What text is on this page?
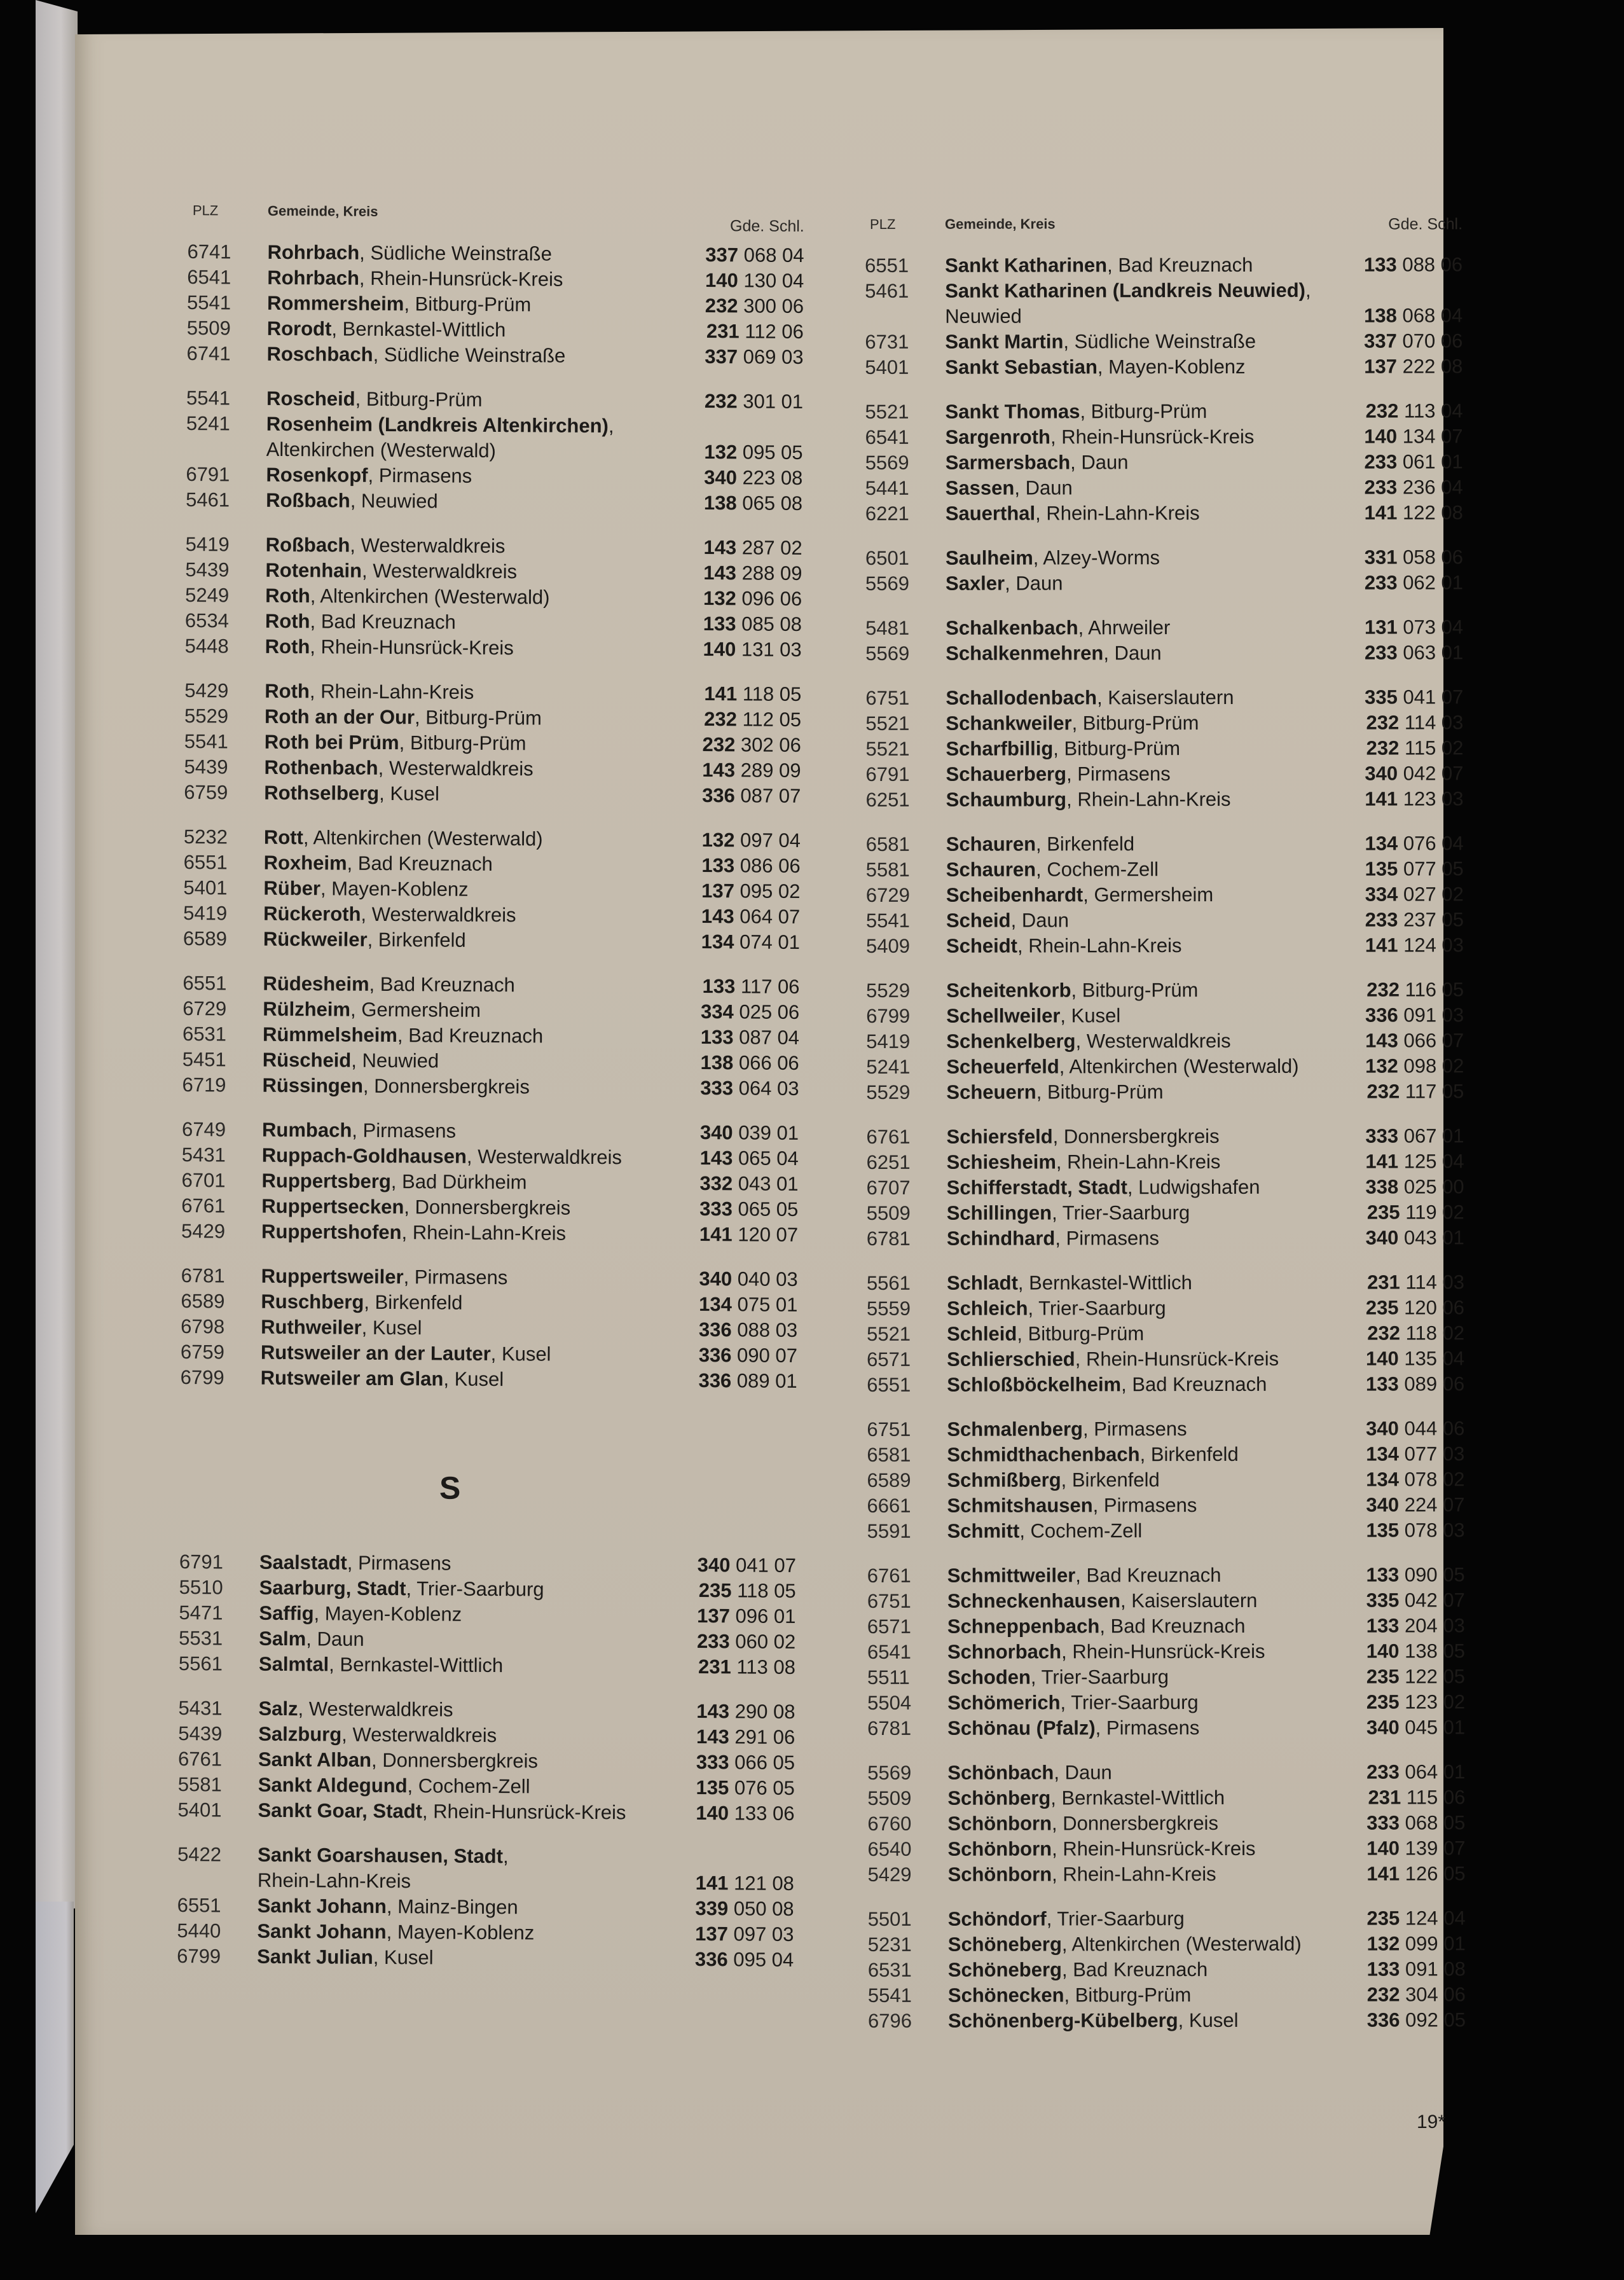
PLZ	Gemeinde, Kreis
Gde. Schl.
6741	Rohrbach, Südliche Weinstraße	337 068 04
6541	Rohrbach, Rhein-Hunsrück-Kreis	140 130 04
5541	Rommersheim, Bitburg-Prüm	232 300 06
5509	Rorodt, Bernkastel-Wittlich	231 112 06
6741	Roschbach, Südliche Weinstraße	337 069 03
5541	Roscheid, Bitburg-Prüm	232 301 01
5241	Rosenheim (Landkreis Altenkirchen),
Altenkirchen (Westerwald)	132 095 05
6791	Rosenkopf, Pirmasens	340 223 08
5461	Roßbach, Neuwied	138 065 08
5419	Roßbach, Westerwaldkreis	143 287 02
5439	Rotenhain, Westerwaldkreis	143 288 09
5249	Roth, Altenkirchen (Westerwald)	132 096 06
6534	Roth, Bad Kreuznach	133 085 08
5448	Roth, Rhein-Hunsrück-Kreis	140 131 03
5429	Roth, Rhein-Lahn-Kreis	141 118 05
5529	Roth an der Our, Bitburg-Prüm	232 112 05
5541	Roth bei Prüm, Bitburg-Prüm	232 302 06
5439	Rothenbach, Westerwaldkreis	143 289 09
6759	Rothselberg, Kusel	336 087 07
5232	Rott, Altenkirchen (Westerwald)	132 097 04
6551	Roxheim, Bad Kreuznach	133 086 06
5401	Rüber, Mayen-Koblenz	137 095 02
5419	Rückeroth, Westerwaldkreis	143 064 07
6589	Rückweiler, Birkenfeld	134 074 01
6551	Rüdesheim, Bad Kreuznach	133 117 06
6729	Rülzheim, Germersheim	334 025 06
6531	Rümmelsheim, Bad Kreuznach	133 087 04
5451	Rüscheid, Neuwied	138 066 06
6719	Rüssingen, Donnersbergkreis	333 064 03
6749	Rumbach, Pirmasens	340 039 01
5431	Ruppach-Goldhausen, Westerwaldkreis	143 065 04
6701	Ruppertsberg, Bad Dürkheim	332 043 01
6761	Ruppertsecken, Donnersbergkreis	333 065 05
5429	Ruppertshofen, Rhein-Lahn-Kreis	141 120 07
6781	Ruppertsweiler, Pirmasens	340 040 03
6589	Ruschberg, Birkenfeld	134 075 01
6798	Ruthweiler, Kusel	336 088 03
6759	Rutsweiler an der Lauter, Kusel	336 090 07
6799	Rutsweiler am Glan, Kusel	336 089 01
S
6791	Saalstadt, Pirmasens	340 041 07
5510	Saarburg, Stadt, Trier-Saarburg	235 118 05
5471	Saffig, Mayen-Koblenz	137 096 01
5531	Salm, Daun	233 060 02
5561	Salmtal, Bernkastel-Wittlich	231 113 08
5431	Salz, Westerwaldkreis	143 290 08
5439	Salzburg, Westerwaldkreis	143 291 06
6761	Sankt Alban, Donnersbergkreis	333 066 05
5581	Sankt Aldegund, Cochem-Zell	135 076 05
5401	Sankt Goar, Stadt, Rhein-Hunsrück-Kreis	140 133 06
5422	Sankt Goarshausen, Stadt,
Rhein-Lahn-Kreis	141 121 08
6551	Sankt Johann, Mainz-Bingen	339 050 08
5440	Sankt Johann, Mayen-Koblenz	137 097 03
6799	Sankt Julian, Kusel	336 095 04
PLZ	Gemeinde, Kreis	Gde. Schl.
6551	Sankt Katharinen, Bad Kreuznach	133 088 06
5461	Sankt Katharinen (Landkreis Neuwied),
Neuwied	138 068 04
6731	Sankt Martin, Südliche Weinstraße	337 070 06
5401	Sankt Sebastian, Mayen-Koblenz	137 222 08
5521	Sankt Thomas, Bitburg-Prüm	232 113 04
6541	Sargenroth, Rhein-Hunsrück-Kreis	140 134 07
5569	Sarmersbach, Daun	233 061 01
5441	Sassen, Daun	233 236 04
6221	Sauerthal, Rhein-Lahn-Kreis	141 122 08
6501	Saulheim, Alzey-Worms	331 058 06
5569	Saxler, Daun	233 062 01
5481	Schalkenbach, Ahrweiler	131 073 04
5569	Schalkenmehren, Daun	233 063 01
6751	Schallodenbach, Kaiserslautern	335 041 07
5521	Schankweiler, Bitburg-Prüm	232 114 03
5521	Scharfbillig, Bitburg-Prüm	232 115 02
6791	Schauerberg, Pirmasens	340 042 07
6251	Schaumburg, Rhein-Lahn-Kreis	141 123 03
6581	Schauren, Birkenfeld	134 076 04
5581	Schauren, Cochem-Zell	135 077 05
6729	Scheibenhardt, Germersheim	334 027 02
5541	Scheid, Daun	233 237 05
5409	Scheidt, Rhein-Lahn-Kreis	141 124 03
5529	Scheitenkorb, Bitburg-Prüm	232 116 05
6799	Schellweiler, Kusel	336 091 03
5419	Schenkelberg, Westerwaldkreis	143 066 07
5241	Scheuerfeld, Altenkirchen (Westerwald)	132 098 02
5529	Scheuern, Bitburg-Prüm	232 117 05
6761	Schiersfeld, Donnersbergkreis	333 067 01
6251	Schiesheim, Rhein-Lahn-Kreis	141 125 04
6707	Schifferstadt, Stadt, Ludwigshafen	338 025 00
5509	Schillingen, Trier-Saarburg	235 119 02
6781	Schindhard, Pirmasens	340 043 01
5561	Schladt, Bernkastel-Wittlich	231 114 03
5559	Schleich, Trier-Saarburg	235 120 06
5521	Schleid, Bitburg-Prüm	232 118 02
6571	Schlierschied, Rhein-Hunsrück-Kreis	140 135 04
6551	Schloßböckelheim, Bad Kreuznach	133 089 06
6751	Schmalenberg, Pirmasens	340 044 06
6581	Schmidthachenbach, Birkenfeld	134 077 03
6589	Schmißberg, Birkenfeld	134 078 02
6661	Schmitshausen, Pirmasens	340 224 07
5591	Schmitt, Cochem-Zell	135 078 03
6761	Schmittweiler, Bad Kreuznach	133 090 05
6751	Schneckenhausen, Kaiserslautern	335 042 07
6571	Schneppenbach, Bad Kreuznach	133 204 03
6541	Schnorbach, Rhein-Hunsrück-Kreis	140 138 05
5511	Schoden, Trier-Saarburg	235 122 05
5504	Schömerich, Trier-Saarburg	235 123 02
6781	Schönau (Pfalz), Pirmasens	340 045 01
5569	Schönbach, Daun	233 064 01
5509	Schönberg, Bernkastel-Wittlich	231 115 06
6760	Schönborn, Donnersbergkreis	333 068 05
6540	Schönborn, Rhein-Hunsrück-Kreis	140 139 07
5429	Schönborn, Rhein-Lahn-Kreis	141 126 05
5501	Schöndorf, Trier-Saarburg	235 124 04
5231	Schöneberg, Altenkirchen (Westerwald)	132 099 01
6531	Schöneberg, Bad Kreuznach	133 091 08
5541	Schönecken, Bitburg-Prüm	232 304 06
6796	Schönenberg-Kübelberg, Kusel	336 092 05
19*
